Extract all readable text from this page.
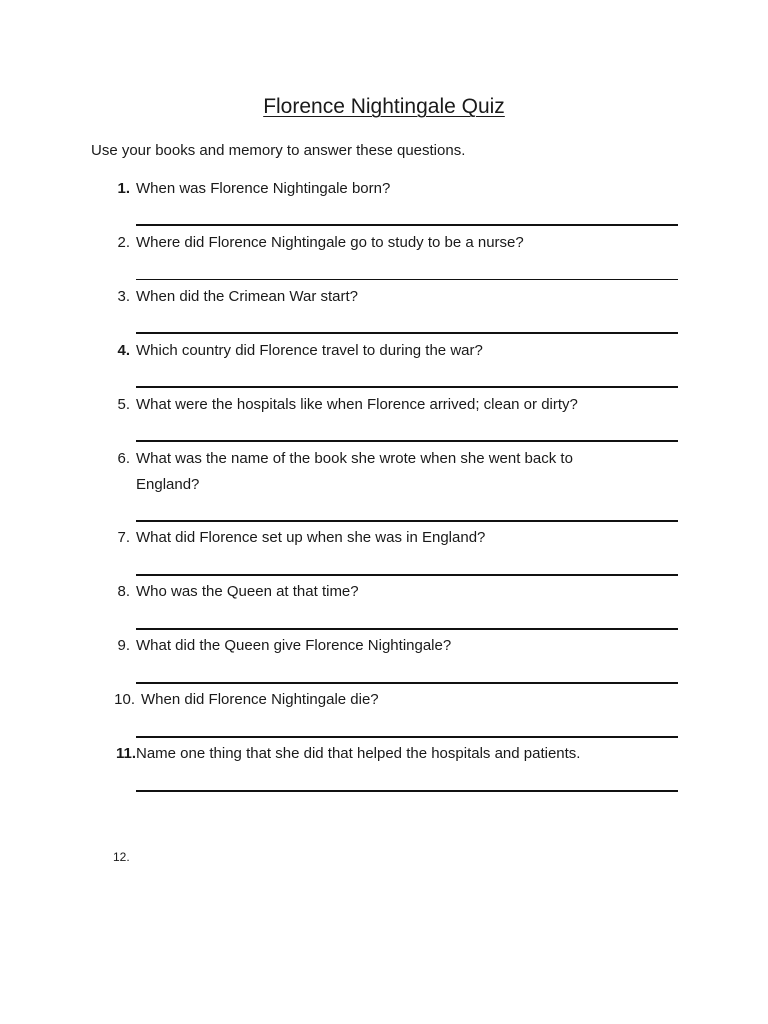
Florence Nightingale Quiz
Use your books and memory to answer these questions.
1. When was Florence Nightingale born?
2. Where did Florence Nightingale go to study to be a nurse?
3. When did the Crimean War start?
4. Which country did Florence travel to during the war?
5. What were the hospitals like when Florence arrived; clean or dirty?
6. What was the name of the book she wrote when she went back to England?
7. What did Florence set up when she was in England?
8. Who was the Queen at that time?
9. What did the Queen give Florence Nightingale?
10. When did Florence Nightingale die?
11. Name one thing that she did that helped the hospitals and patients.
12.
